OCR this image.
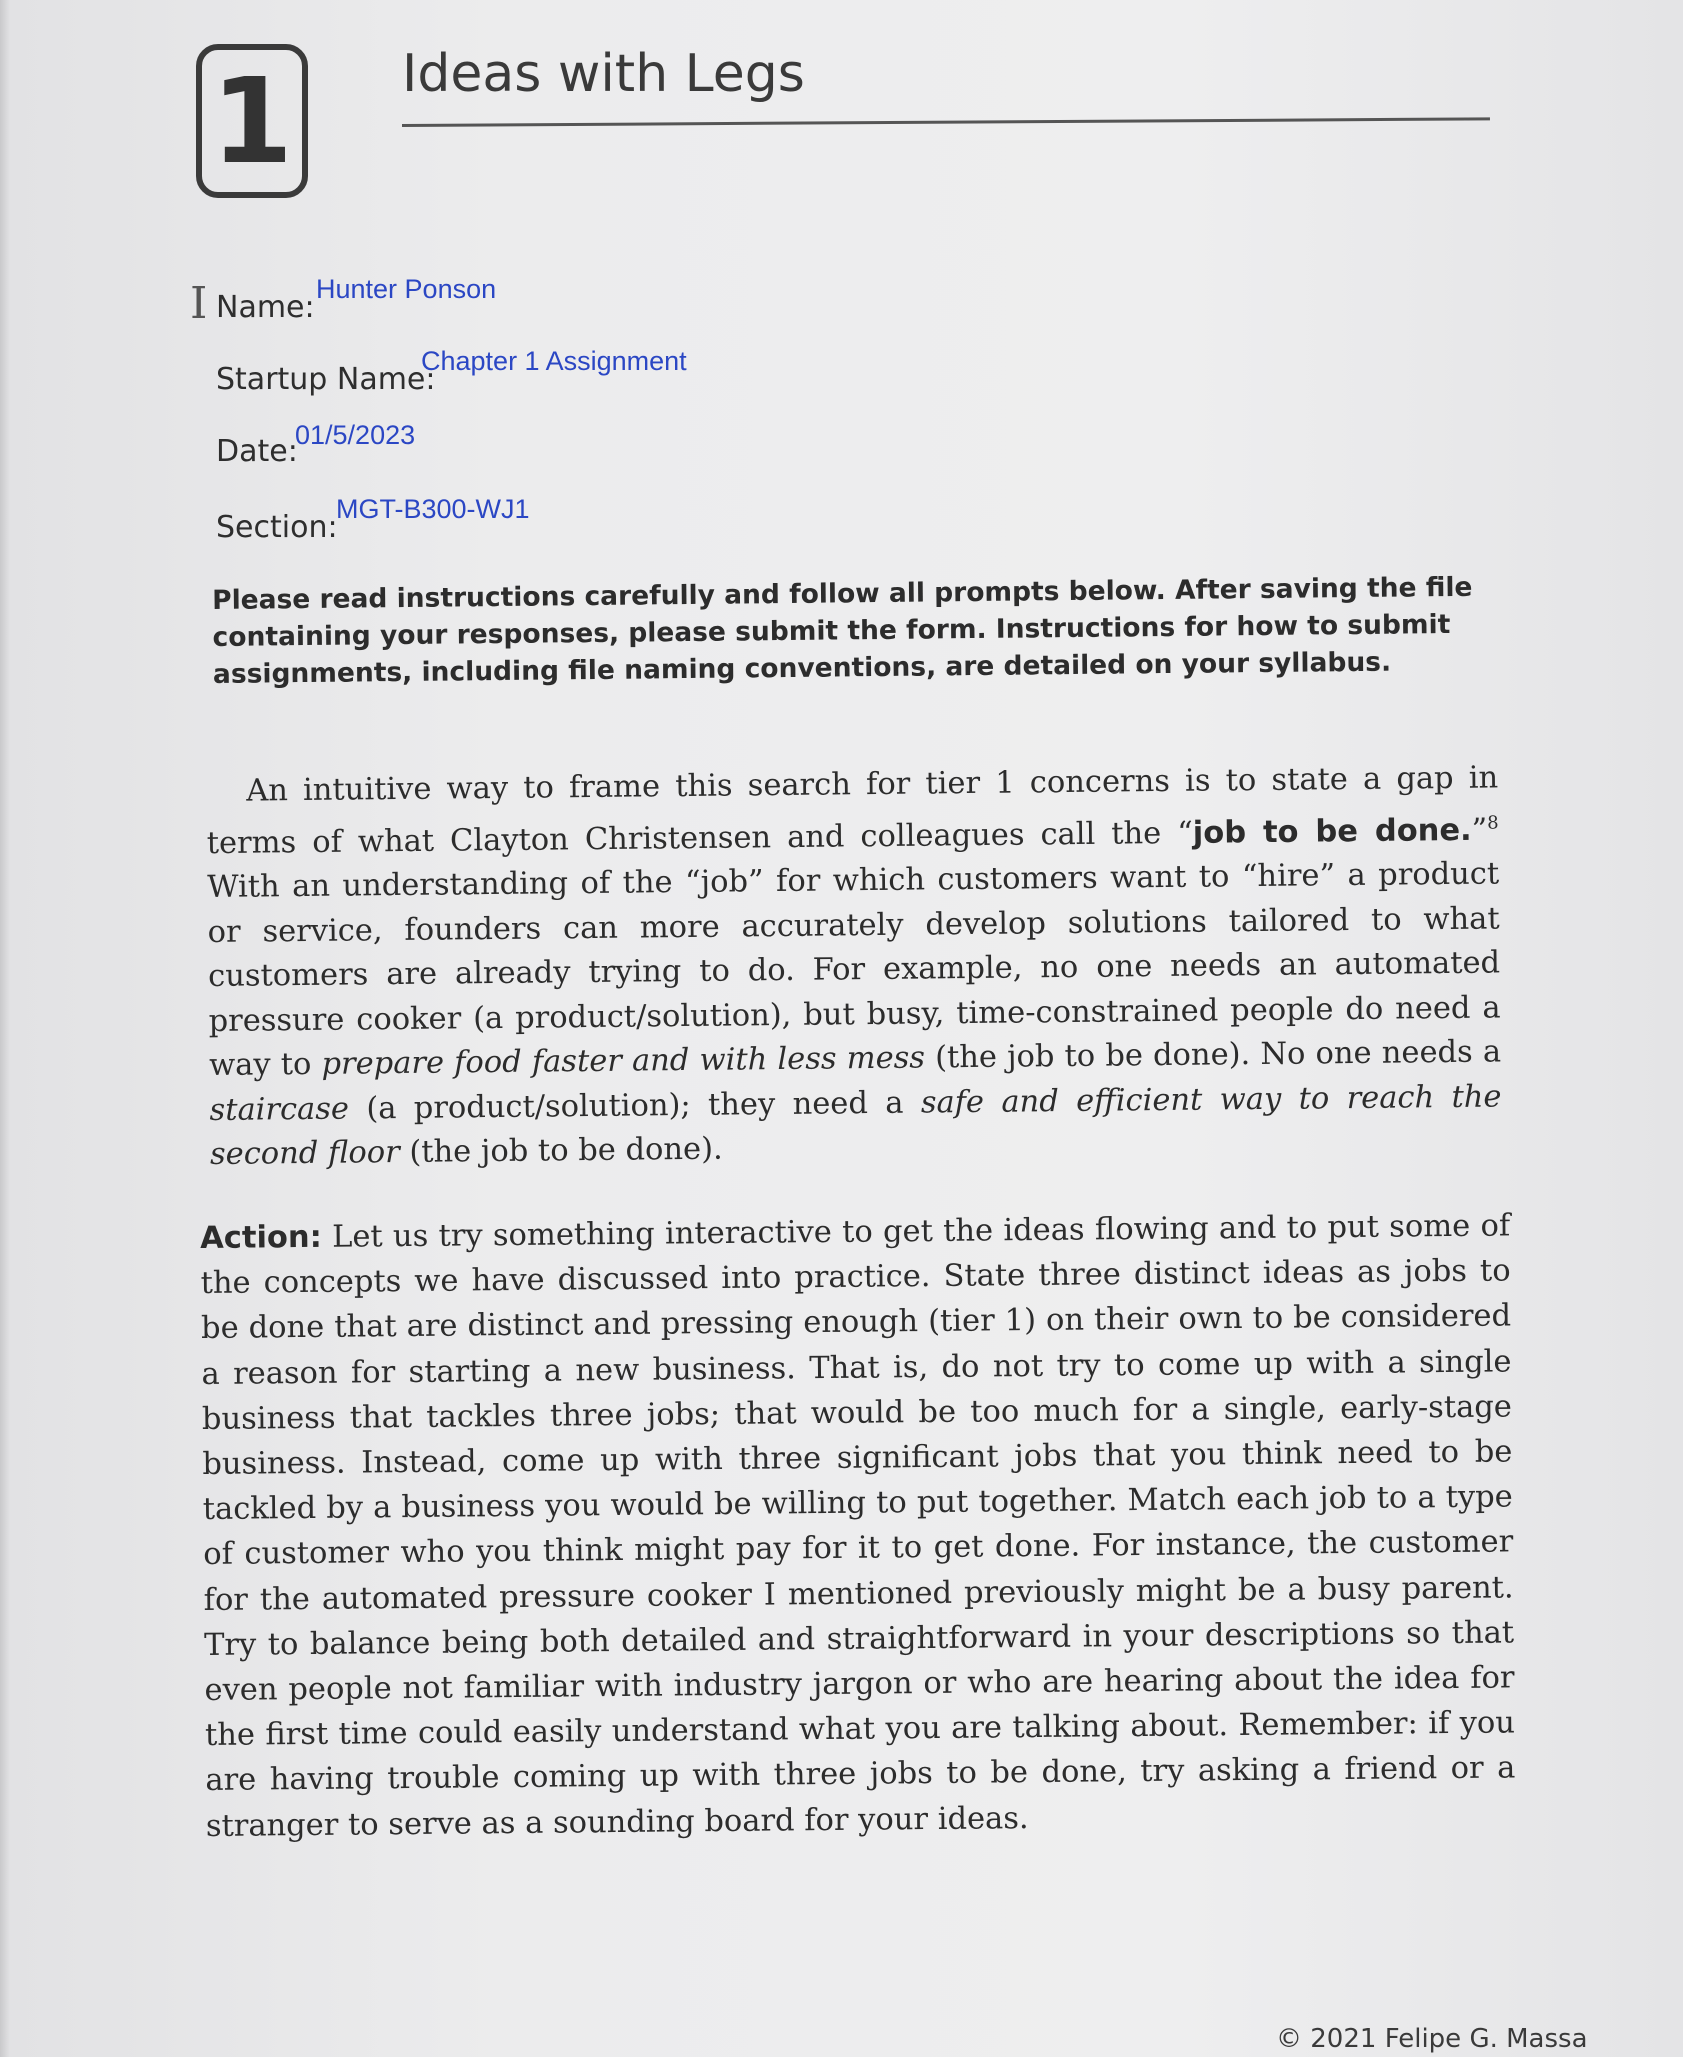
1 Ideas with Legs
I Name:
Hunter Ponson
Startup Name:
Chapter 1 Assignment
Date:
01/5/2023
Section:
MGT-B300-WJ1
Please read instructions carefully and follow all prompts below. After saving the file containing your responses, please submit the form. Instructions for how to submit assignments, including file naming conventions, are detailed on your syllabus.
An intuitive way to frame this search for tier 1 concerns is to state a gap in terms of what Clayton Christensen and colleagues call the “job to be done.”$^8$ With an understanding of the “job” for which customers want to “hire” a product or service, founders can more accurately develop solutions tailored to what customers are already trying to do. For example, no one needs an automated pressure cooker (a product/solution), but busy, time-constrained people do need a way to prepare food faster and with less mess (the job to be done). No one needs a staircase (a product/solution); they need a safe and efficient way to reach the second floor (the job to be done).
Action: Let us try something interactive to get the ideas flowing and to put some of the concepts we have discussed into practice. State three distinct ideas as jobs to be done that are distinct and pressing enough (tier 1) on their own to be considered a reason for starting a new business. That is, do not try to come up with a single business that tackles three jobs; that would be too much for a single, early-stage business. Instead, come up with three significant jobs that you think need to be tackled by a business you would be willing to put together. Match each job to a type of customer who you think might pay for it to get done. For instance, the customer for the automated pressure cooker I mentioned previously might be a busy parent. Try to balance being both detailed and straightforward in your descriptions so that even people not familiar with industry jargon or who are hearing about the idea for the first time could easily understand what you are talking about. Remember: if you are having trouble coming up with three jobs to be done, try asking a friend or a stranger to serve as a sounding board for your ideas.
© 2021 Felipe G. Massa
